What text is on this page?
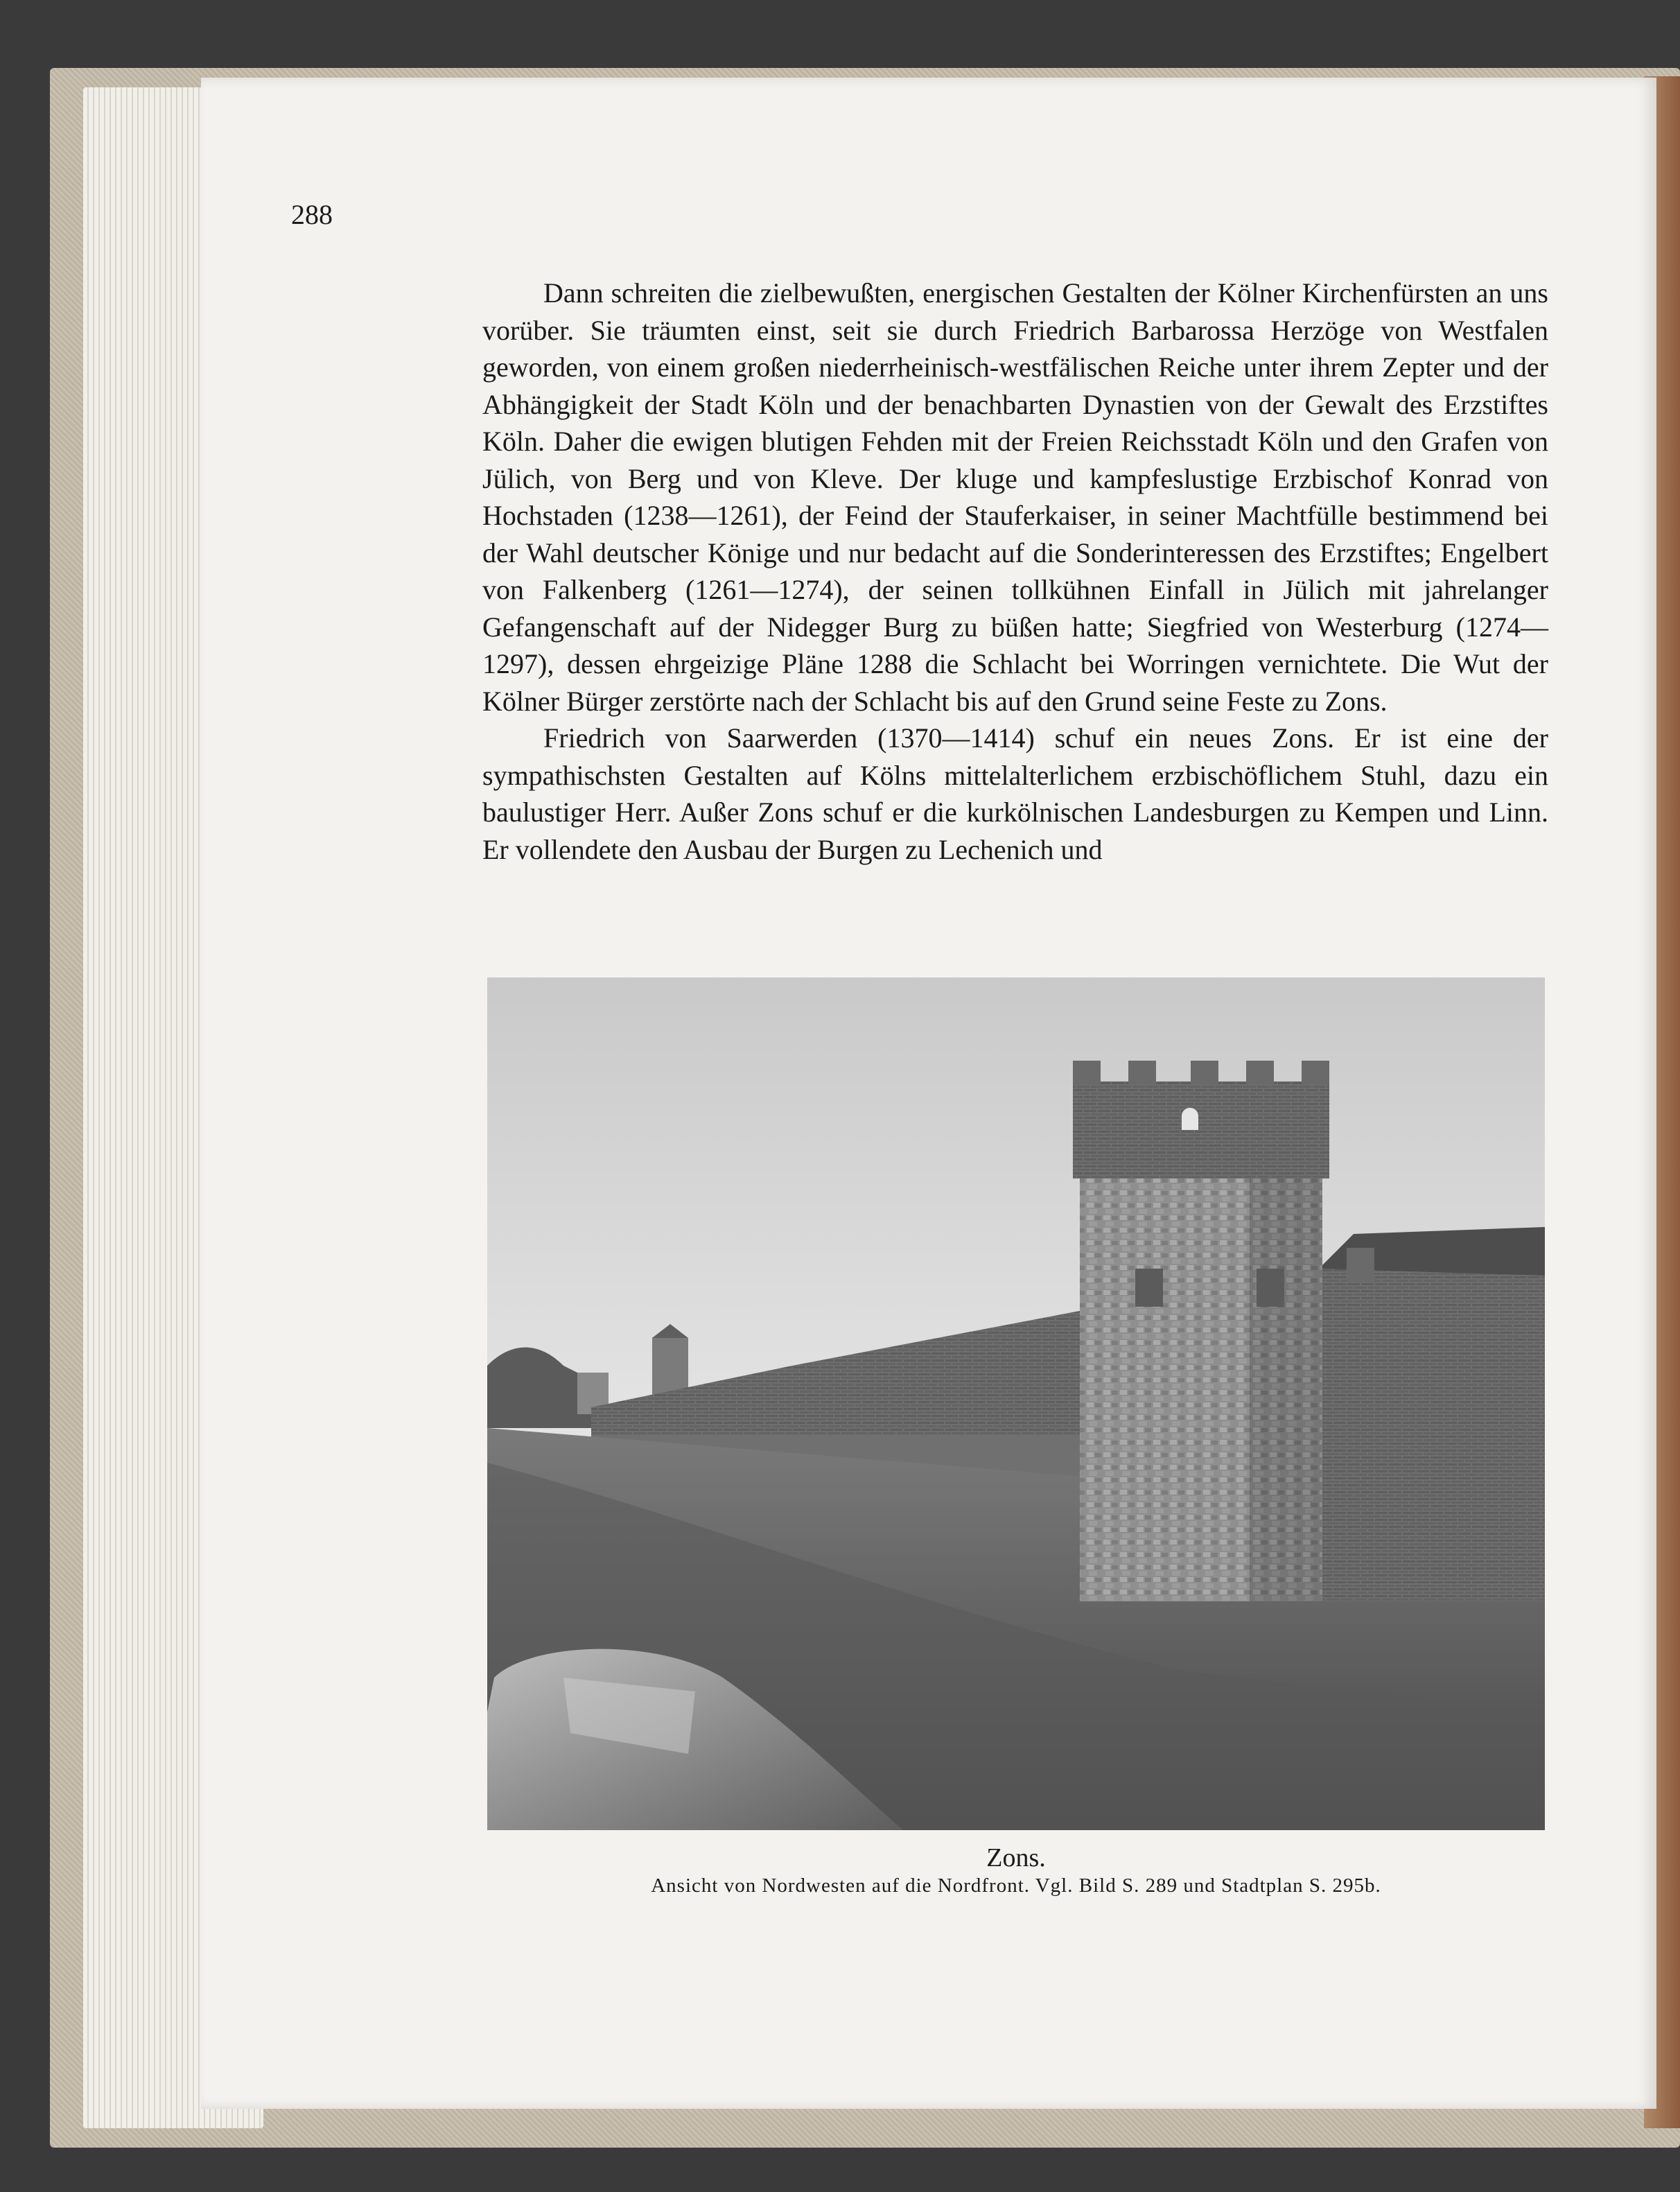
288

Dann schreiten die zielbewußten, energischen Gestalten der Kölner Kirchenfürsten an uns vorüber. Sie träumten einst, seit sie durch Friedrich Barbarossa Herzöge von Westfalen geworden, von einem großen niederrheinisch-westfälischen Reiche unter ihrem Zepter und der Abhängigkeit der Stadt Köln und der benachbarten Dynastien von der Gewalt des Erzstiftes Köln. Daher die ewigen blutigen Fehden mit der Freien Reichsstadt Köln und den Grafen von Jülich, von Berg und von Kleve. Der kluge und kampfeslustige Erzbischof Konrad von Hochstaden (1238—1261), der Feind der Stauferkaiser, in seiner Machtfülle bestimmend bei der Wahl deutscher Könige und nur bedacht auf die Sonderinteressen des Erzstiftes; Engelbert von Falkenberg (1261—1274), der seinen tollkühnen Einfall in Jülich mit jahrelanger Gefangenschaft auf der Nidegger Burg zu büßen hatte; Siegfried von Westerburg (1274—1297), dessen ehrgeizige Pläne 1288 die Schlacht bei Worringen vernichtete. Die Wut der Kölner Bürger zerstörte nach der Schlacht bis auf den Grund seine Feste zu Zons.

Friedrich von Saarwerden (1370—1414) schuf ein neues Zons. Er ist eine der sympathischsten Gestalten auf Kölns mittelalterlichem erzbischöflichem Stuhl, dazu ein baulustiger Herr. Außer Zons schuf er die kurkölnischen Landesburgen zu Kempen und Linn. Er vollendete den Ausbau der Burgen zu Lechenich und

Zons.

Ansicht von Nordwesten auf die Nordfront. Vgl. Bild S. 289 und Stadtplan S. 295b.
